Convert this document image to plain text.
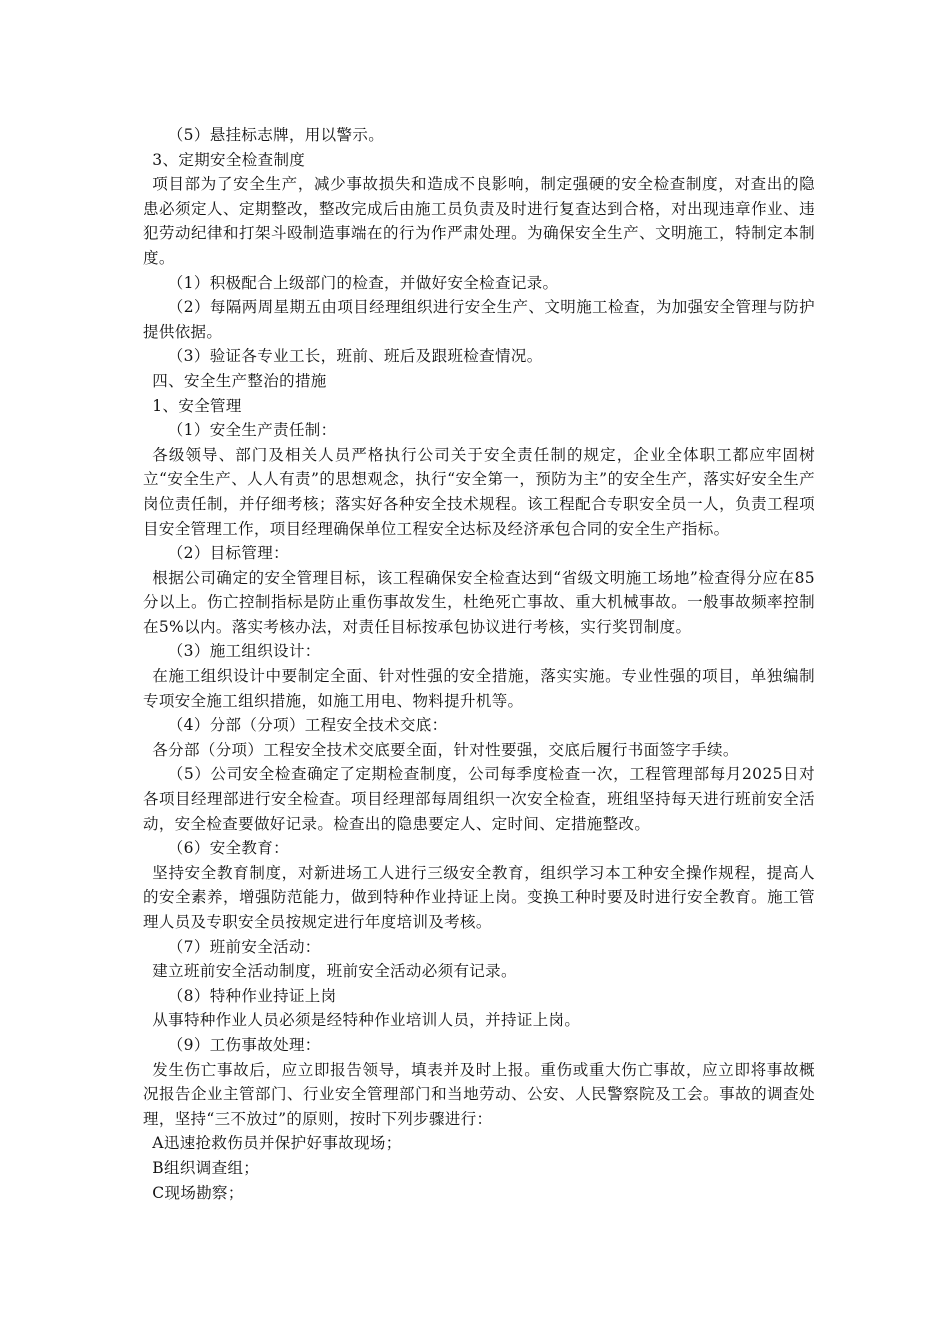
（5）悬挂标志牌，用以警示。

3、定期安全检查制度

项目部为了安全生产，减少事故损失和造成不良影响，制定强硬的安全检查制度，对查出的隐患必须定人、定期整改，整改完成后由施工员负责及时进行复查达到合格，对出现违章作业、违犯劳动纪律和打架斗殴制造事端在的行为作严肃处理。为确保安全生产、文明施工，特制定本制度。

（1）积极配合上级部门的检查，并做好安全检查记录。

（2）每隔两周星期五由项目经理组织进行安全生产、文明施工检查，为加强安全管理与防护提供依据。

（3）验证各专业工长，班前、班后及跟班检查情况。

四、安全生产整治的措施

1、安全管理

（1）安全生产责任制：

各级领导、部门及相关人员严格执行公司关于安全责任制的规定，企业全体职工都应牢固树立“安全生产、人人有责”的思想观念，执行“安全第一，预防为主”的安全生产，落实好安全生产岗位责任制，并仔细考核；落实好各种安全技术规程。该工程配合专职安全员一人，负责工程项目安全管理工作，项目经理确保单位工程安全达标及经济承包合同的安全生产指标。

（2）目标管理：

根据公司确定的安全管理目标，该工程确保安全检查达到“省级文明施工场地”检查得分应在85分以上。伤亡控制指标是防止重伤事故发生，杜绝死亡事故、重大机械事故。一般事故频率控制在5%以内。落实考核办法，对责任目标按承包协议进行考核，实行奖罚制度。

（3）施工组织设计：

在施工组织设计中要制定全面、针对性强的安全措施，落实实施。专业性强的项目，单独编制专项安全施工组织措施，如施工用电、物料提升机等。

（4）分部（分项）工程安全技术交底：

各分部（分项）工程安全技术交底要全面，针对性要强，交底后履行书面签字手续。

（5）公司安全检查确定了定期检查制度，公司每季度检查一次，工程管理部每月2025日对各项目经理部进行安全检查。项目经理部每周组织一次安全检查，班组坚持每天进行班前安全活动，安全检查要做好记录。检查出的隐患要定人、定时间、定措施整改。

（6）安全教育：

坚持安全教育制度，对新进场工人进行三级安全教育，组织学习本工种安全操作规程，提高人的安全素养，增强防范能力，做到特种作业持证上岗。变换工种时要及时进行安全教育。施工管理人员及专职安全员按规定进行年度培训及考核。

（7）班前安全活动：

建立班前安全活动制度，班前安全活动必须有记录。

（8）特种作业持证上岗

从事特种作业人员必须是经特种作业培训人员，并持证上岗。

（9）工伤事故处理：

发生伤亡事故后，应立即报告领导，填表并及时上报。重伤或重大伤亡事故，应立即将事故概况报告企业主管部门、行业安全管理部门和当地劳动、公安、人民警察院及工会。事故的调查处理，坚持“三不放过”的原则，按时下列步骤进行：

A迅速抢救伤员并保护好事故现场；

B组织调查组；

C现场勘察；
